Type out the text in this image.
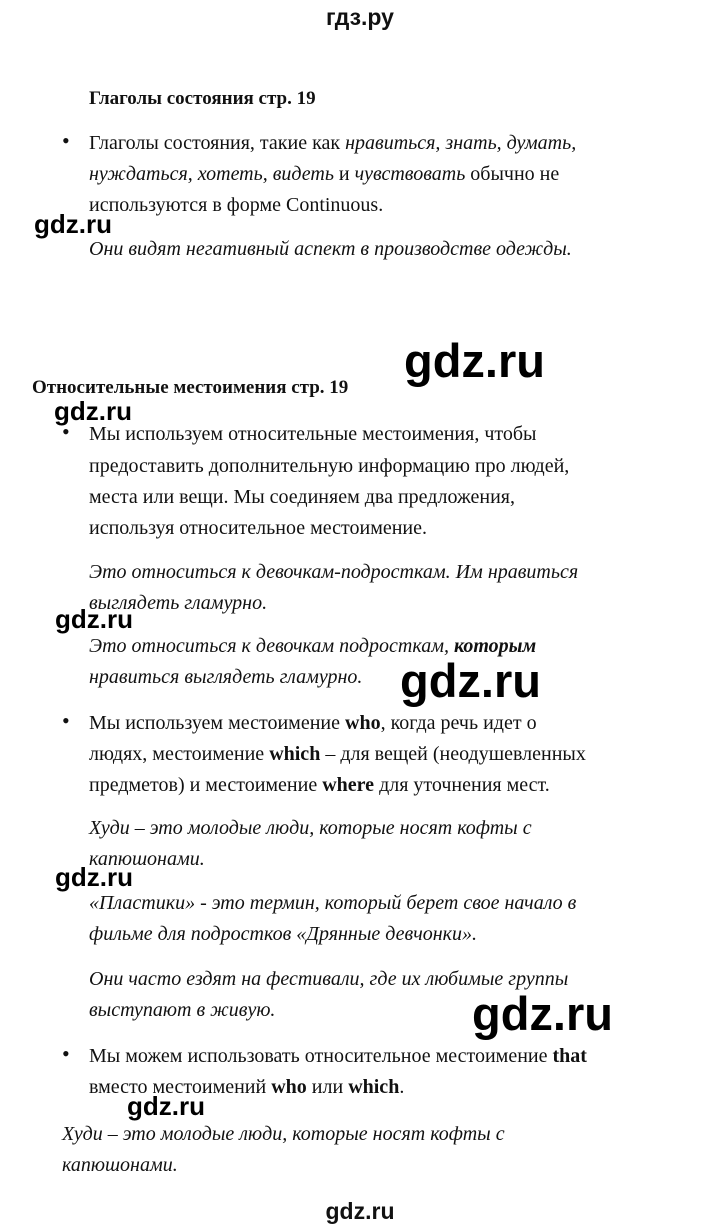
гдз.ру
Глаголы состояния стр. 19
• Глаголы состояния, такие как нравиться, знать, думать,
нуждаться, хотеть, видеть и чувствовать обычно не
используются в форме Continuous.
Они видят негативный аспект в производстве одежды.
Относительные местоимения стр. 19
• Мы используем относительные местоимения, чтобы
предоставить дополнительную информацию про людей,
места или вещи. Мы соединяем два предложения,
используя относительное местоимение.
Это относиться к девочкам-подросткам. Им нравиться
выглядеть гламурно.
Это относиться к девочкам подросткам, которым
нравиться выглядеть гламурно.
• Мы используем местоимение who, когда речь идет о
людях, местоимение which – для вещей (неодушевленных
предметов) и местоимение where для уточнения мест.
Худи – это молодые люди, которые носят кофты с
капюшонами.
«Пластики» - это термин, который берет свое начало в
фильме для подростков «Дрянные девчонки».
Они часто ездят на фестивали, где их любимые группы
выступают в живую.
• Мы можем использовать относительное местоимение that
вместо местоимений who или which.
Худи – это молодые люди, которые носят кофты с
капюшонами.
gdz.ru
gdz.ru
gdz.ru
gdz.ru
gdz.ru
gdz.ru
gdz.ru
gdz.ru
gdz.ru
